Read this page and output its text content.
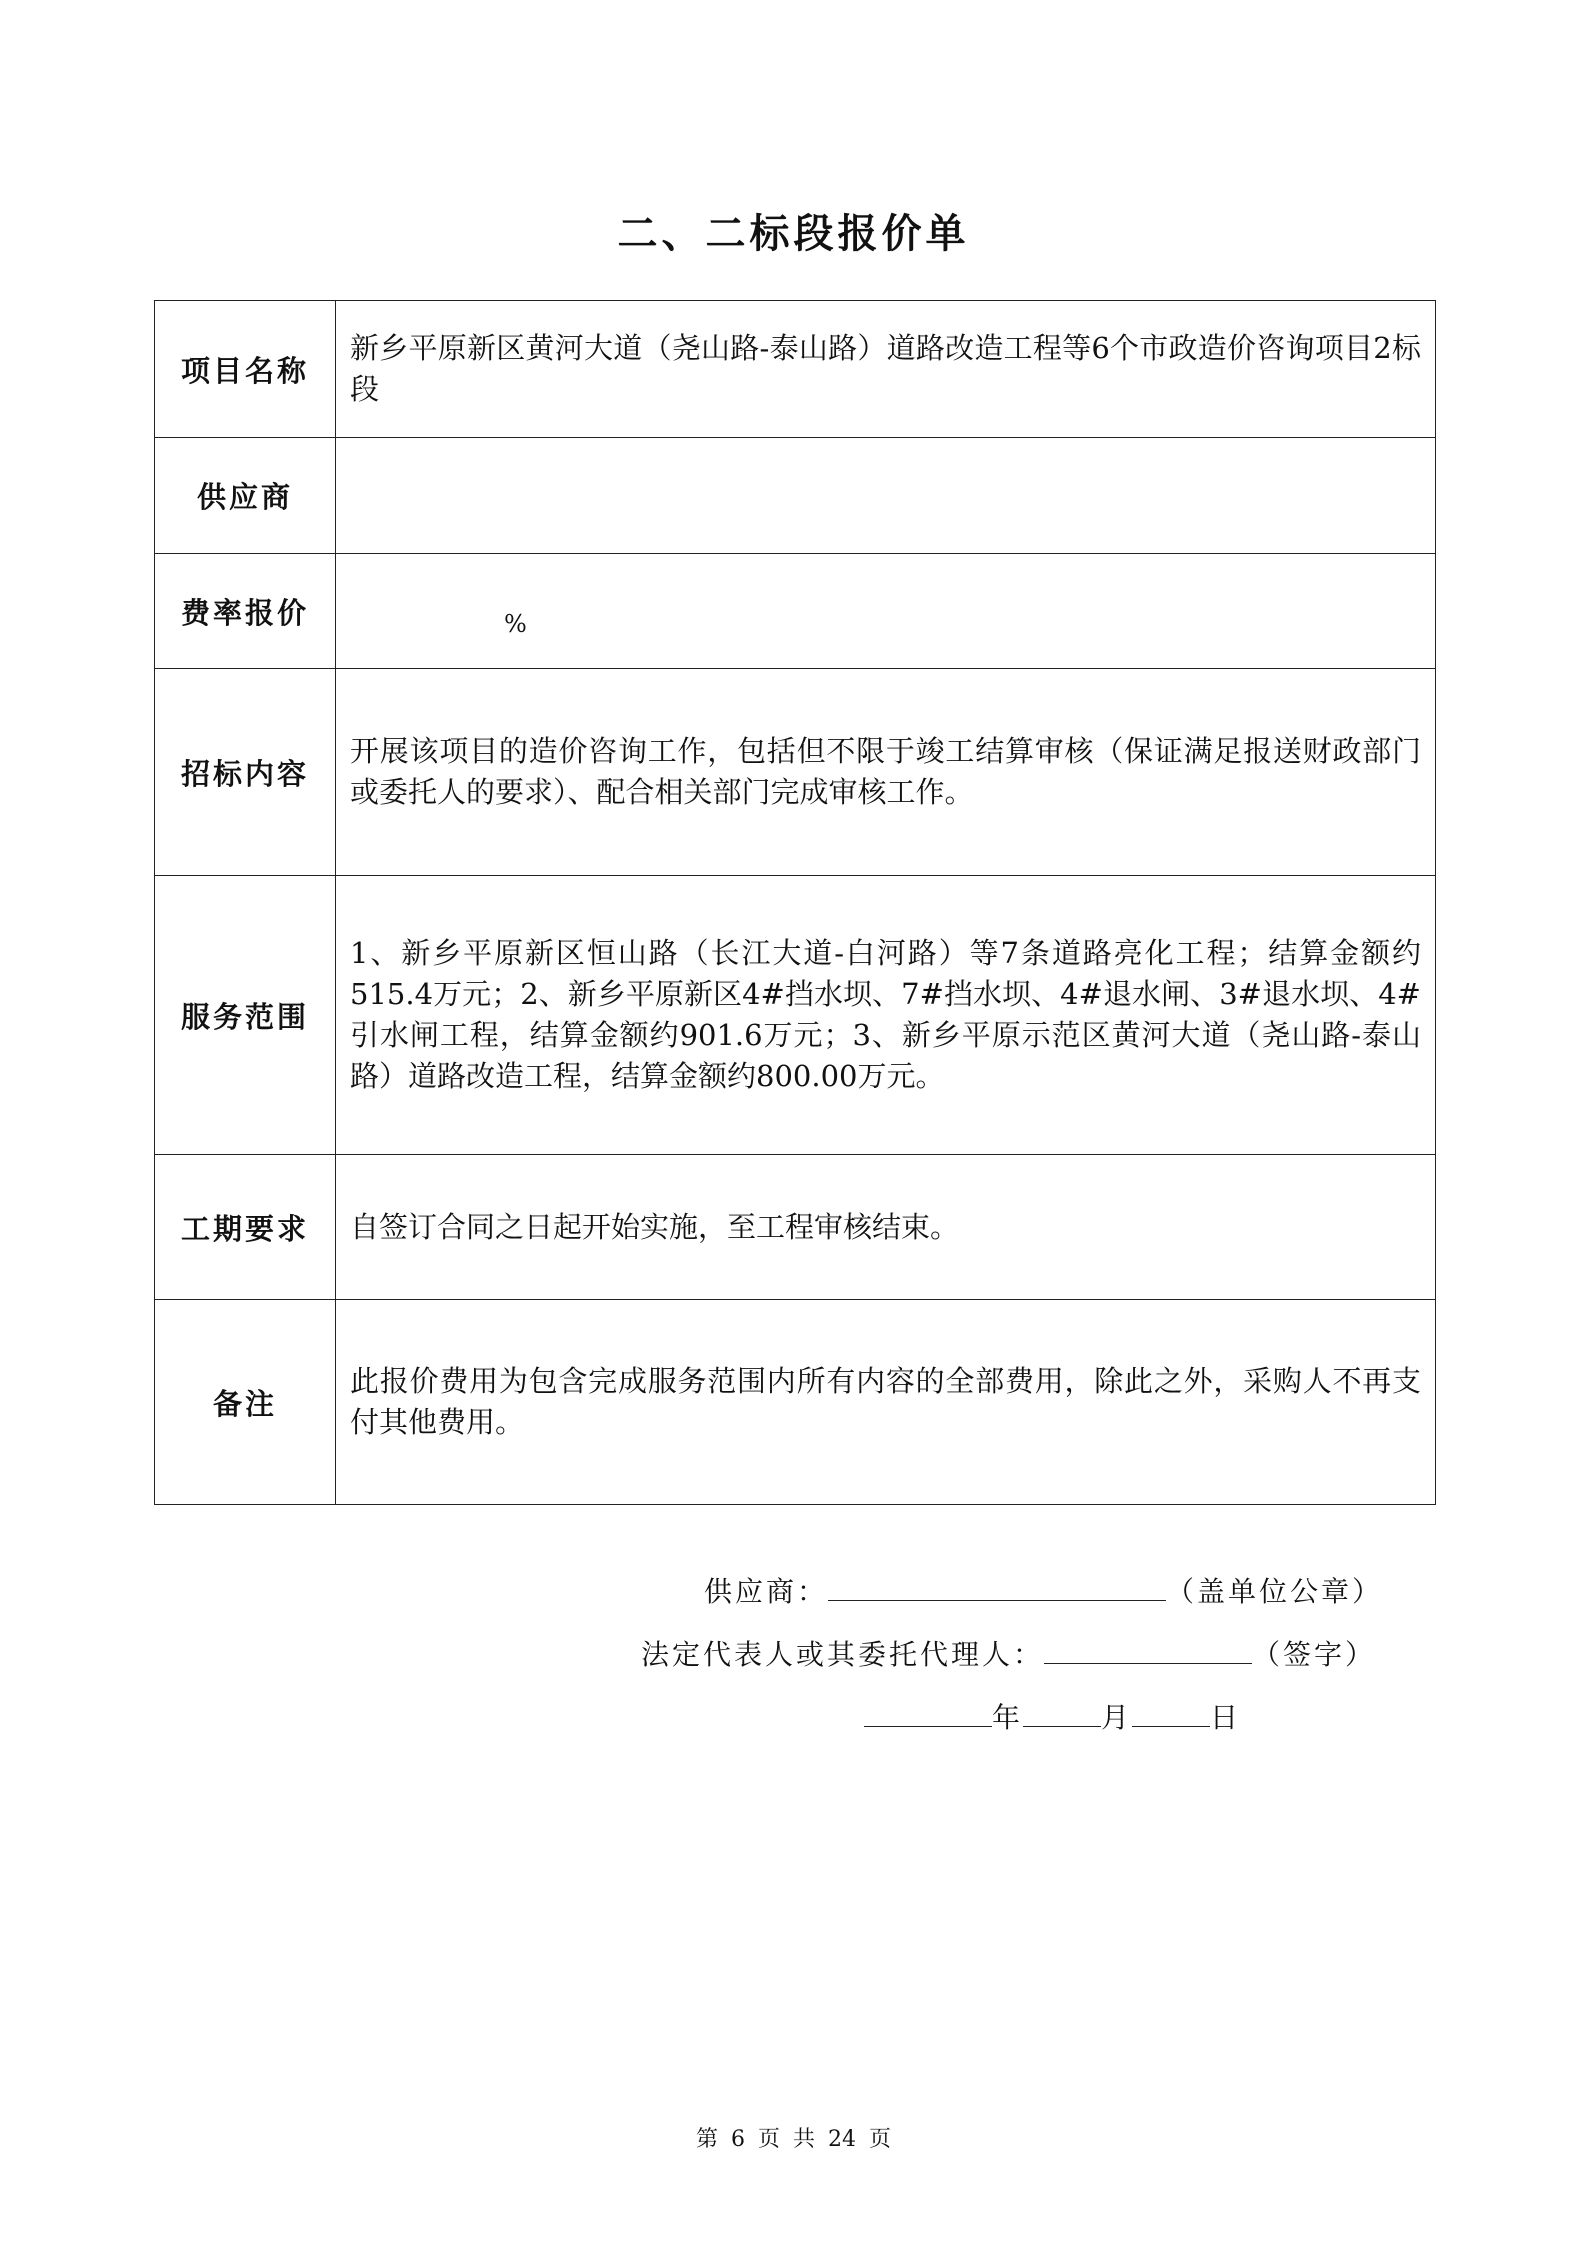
二、二标段报价单
项目名称	新乡平原新区黄河大道（尧山路-泰山路）道路改造工程等6个市政造价咨询项目2标段
供应商	
费率报价	$_{\%}$
招标内容	开展该项目的造价咨询工作，包括但不限于竣工结算审核（保证满足报送财政部门或委托人的要求）、配合相关部门完成审核工作。
服务范围	1、新乡平原新区恒山路（长江大道-白河路）等7条道路亮化工程；结算金额约515.4万元；2、新乡平原新区4#挡水坝、7#挡水坝、4#退水闸、3#退水坝、4#引水闸工程，结算金额约901.6万元；3、新乡平原示范区黄河大道（尧山路-泰山路）道路改造工程，结算金额约800.00万元。
工期要求	自签订合同之日起开始实施，至工程审核结束。
备注	此报价费用为包含完成服务范围内所有内容的全部费用，除此之外，采购人不再支付其他费用。
供应商：	（盖单位公章）
法定代表人或其委托代理人：	（签字）
年	月	日
第 6 页 共 24 页
